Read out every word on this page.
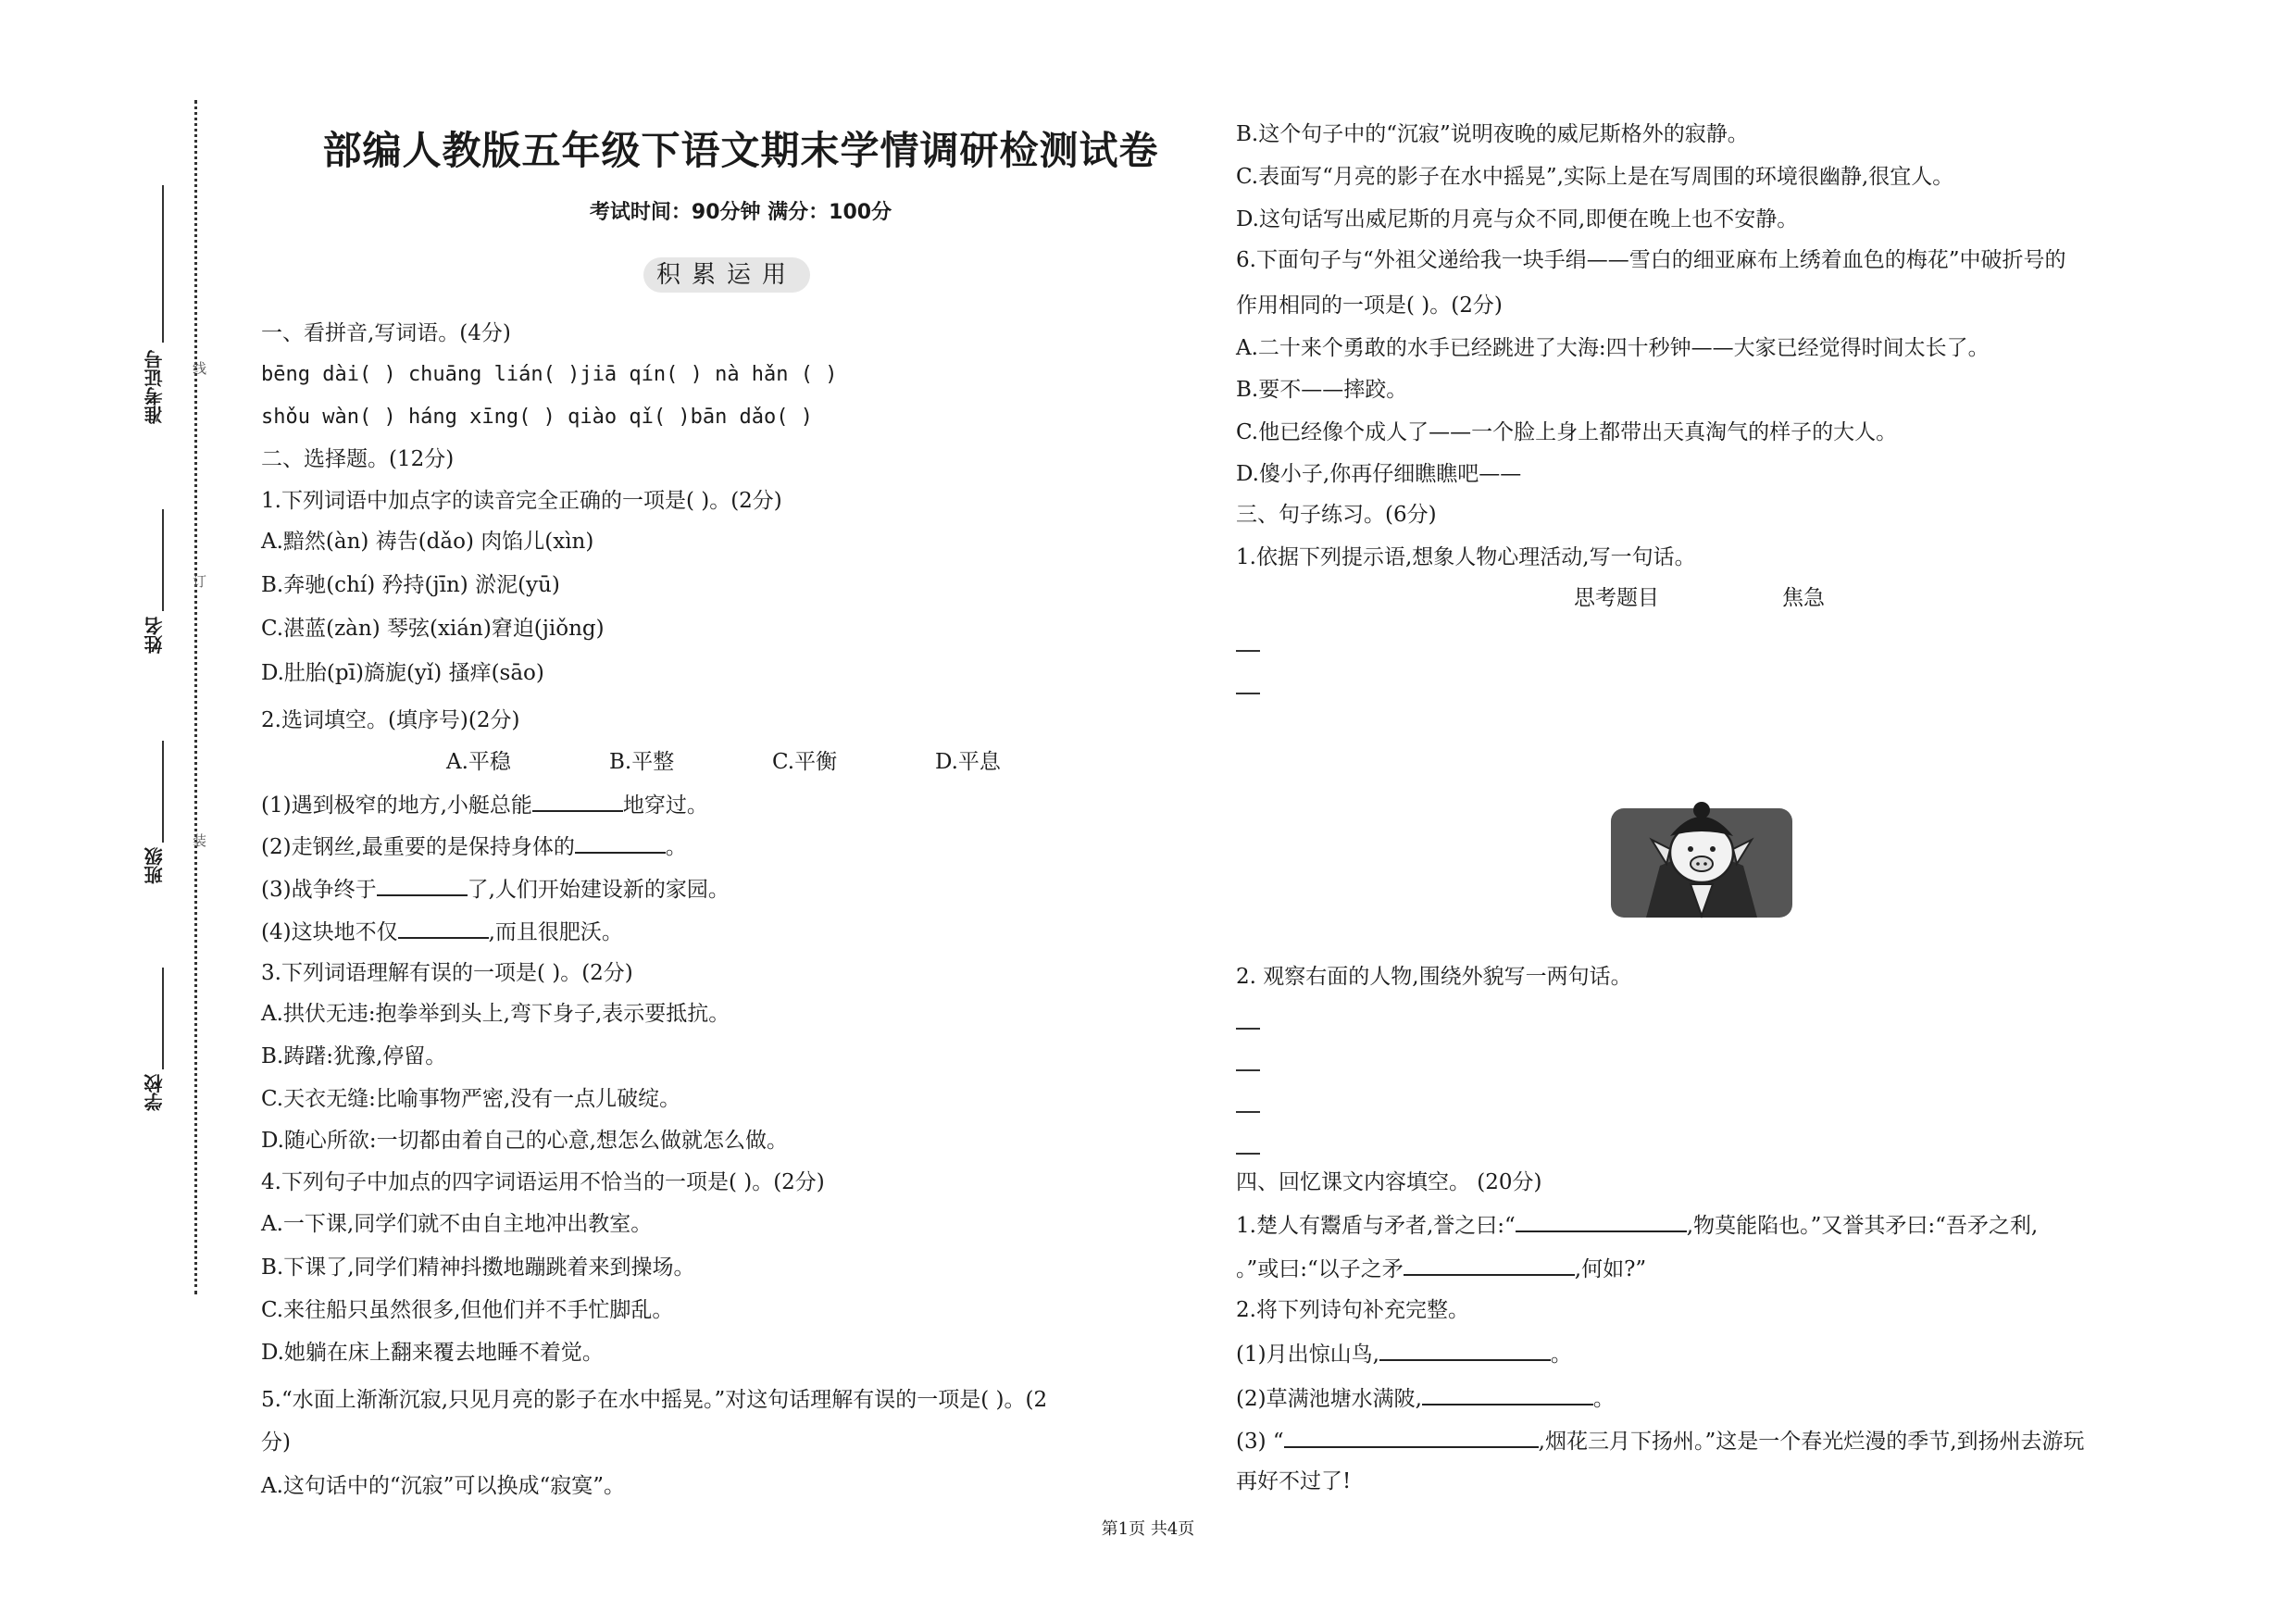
准考证号
姓名
班级
学校
线
订
装
部编人教版五年级下语文期末学情调研检测试卷
考试时间：90分钟 满分：100分
积累运用
一、看拼音,写词语。(4分)
bēng dài( ) chuāng lián( )jiā qín( ) nà hǎn ( )
shǒu wàn( ) háng xīng( ) qiào qǐ( )bān dǎo( )
二、选择题。(12分)
1.下列词语中加点字的读音完全正确的一项是( )。(2分)
A.黯然(àn) 祷告(dǎo) 肉馅儿(xìn)
B.奔驰(chí) 矜持(jīn) 淤泥(yū)
C.湛蓝(zàn) 琴弦(xián)窘迫(jiǒng)
D.肚胎(pī)旖旎(yǐ) 搔痒(sāo)
2.选词填空。(填序号)(2分)
A.平稳	B.平整	C.平衡	D.平息
(1)遇到极窄的地方,小艇总能	地穿过。
(2)走钢丝,最重要的是保持身体的	。
(3)战争终于	了,人们开始建设新的家园。
(4)这块地不仅	,而且很肥沃。
3.下列词语理解有误的一项是( )。(2分)
A.拱伏无违:抱拳举到头上,弯下身子,表示要抵抗。
B.踌躇:犹豫,停留。
C.天衣无缝:比喻事物严密,没有一点儿破绽。
D.随心所欲:一切都由着自己的心意,想怎么做就怎么做。
4.下列句子中加点的四字词语运用不恰当的一项是( )。(2分)
A.一下课,同学们就不由自主地冲出教室。
B.下课了,同学们精神抖擞地蹦跳着来到操场。
C.来往船只虽然很多,但他们并不手忙脚乱。
D.她躺在床上翻来覆去地睡不着觉。
5.“水面上渐渐沉寂,只见月亮的影子在水中摇晃。”对这句话理解有误的一项是( )。(2
分)
A.这句话中的“沉寂”可以换成“寂寞”。
B.这个句子中的“沉寂”说明夜晚的威尼斯格外的寂静。
C.表面写“月亮的影子在水中摇晃”,实际上是在写周围的环境很幽静,很宜人。
D.这句话写出威尼斯的月亮与众不同,即便在晚上也不安静。
6.下面句子与“外祖父递给我一块手绢——雪白的细亚麻布上绣着血色的梅花”中破折号的
作用相同的一项是( )。(2分)
A.二十来个勇敢的水手已经跳进了大海:四十秒钟——大家已经觉得时间太长了。
B.要不——摔跤。
C.他已经像个成人了——一个脸上身上都带出天真淘气的样子的大人。
D.傻小子,你再仔细瞧瞧吧——
三、句子练习。(6分)
1.依据下列提示语,想象人物心理活动,写一句话。
思考题目	焦急
2. 观察右面的人物,围绕外貌写一两句话。
四、回忆课文内容填空。 (20分)
1.楚人有鬻盾与矛者,誉之曰:“	,物莫能陷也。”又誉其矛曰:“吾矛之利,
。”或曰:“以子之矛	,何如?”
2.将下列诗句补充完整。
(1)月出惊山鸟,	。
(2)草满池塘水满陂,	。
(3) “	,烟花三月下扬州。”这是一个春光烂漫的季节,到扬州去游玩
再好不过了!
第1页 共4页
